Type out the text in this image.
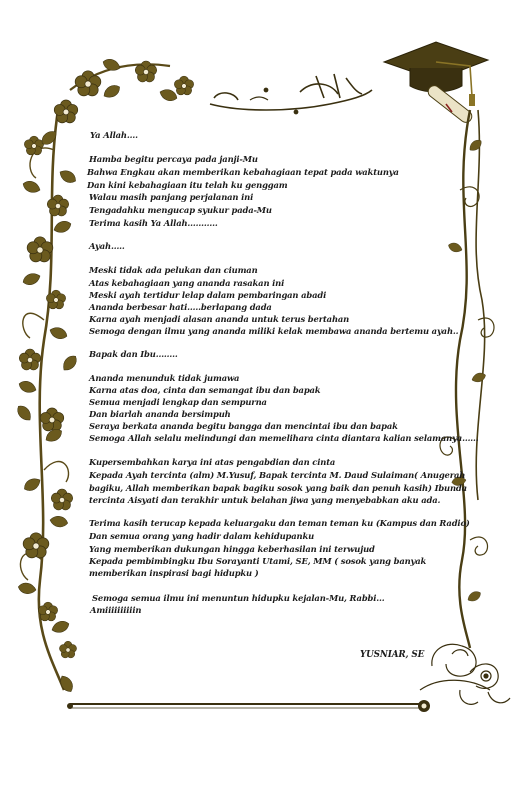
Ya Allah….
Hamba begitu percaya pada janji-Mu
Bahwa Engkau akan memberikan kebahagiaan tepat pada waktunya
Dan kini kebahagiaan itu telah ku genggam
Walau masih panjang perjalanan ini
Tengadahku mengucap syukur pada-Mu
Terima kasih Ya Allah………..
Ayah…..
Meski tidak ada pelukan dan ciuman
Atas kebahagiaan yang ananda rasakan ini
Meski ayah tertidur lelap dalam pembaringan abadi
Ananda berbesar hati…..berlapang dada
Karna ayah menjadi alasan ananda untuk terus bertahan
Semoga dengan ilmu yang ananda miliki kelak membawa ananda bertemu ayah..
Bapak dan Ibu……..
Ananda menunduk tidak jumawa
Karna atas doa, cinta dan semangat ibu dan bapak
Semua menjadi lengkap dan sempurna
Dan biarlah ananda bersimpuh
Seraya berkata ananda begitu bangga dan mencintai ibu dan bapak
Semoga Allah selalu melindungi dan memelihara cinta diantara kalian selamanya……
Kupersembahkan karya ini atas pengabdian dan cinta
Kepada Ayah tercinta (alm) M.Yusuf, Bapak tercinta M. Daud Sulaiman( Anugerah
bagiku, Allah memberikan bapak bagiku sosok yang baik dan penuh kasih) Ibunda
tercinta Aisyati dan terakhir untuk belahan jiwa yang menyebabkan aku ada.
Terima kasih terucap kepada keluargaku dan teman teman ku (Kampus dan Radio)
Dan semua orang yang hadir dalam kehidupanku
Yang memberikan dukungan hingga keberhasilan ini terwujud
Kepada pembimbingku Ibu Sorayanti Utami, SE, MM ( sosok yang banyak
memberikan inspirasi bagi hidupku )
Semoga semua ilmu ini menuntun hidupku kejalan-Mu, Rabbi...
Amiiiiiiiiiin
YUSNIAR, SE
